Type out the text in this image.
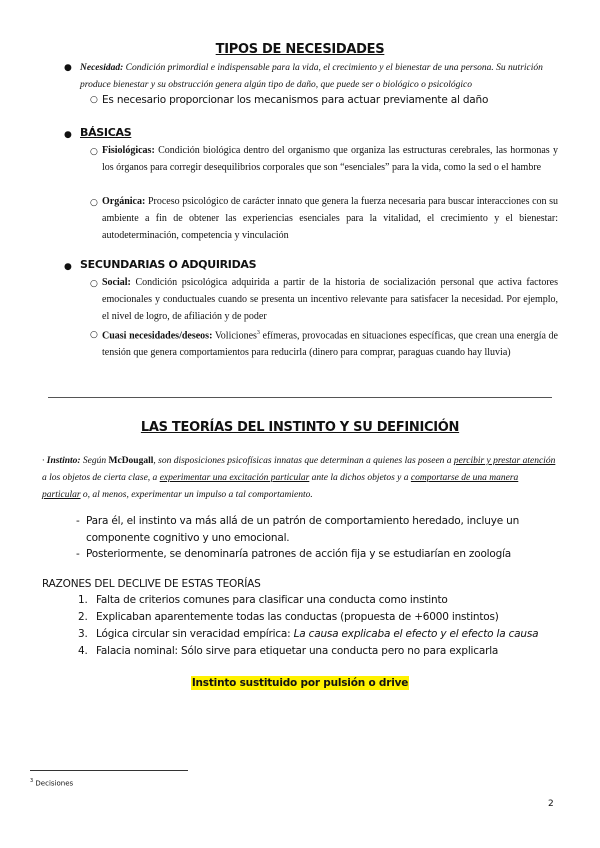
TIPOS DE NECESIDADES
● Necesidad: Condición primordial e indispensable para la vida, el crecimiento y el bienestar de una persona. Su nutrición produce bienestar y su obstrucción genera algún tipo de daño, que puede ser o biológico o psicológico
○ Es necesario proporcionar los mecanismos para actuar previamente al daño
● BÁSICAS
○ Fisiológicas: Condición biológica dentro del organismo que organiza las estructuras cerebrales, las hormonas y los órganos para corregir desequilibrios corporales que son “esenciales” para la vida, como la sed o el hambre
○ Orgánica: Proceso psicológico de carácter innato que genera la fuerza necesaria para buscar interacciones con su ambiente a fin de obtener las experiencias esenciales para la vitalidad, el crecimiento y el bienestar: autodeterminación, competencia y vinculación
● SECUNDARIAS O ADQUIRIDAS
○ Social: Condición psicológica adquirida a partir de la historia de socialización personal que activa factores emocionales y conductuales cuando se presenta un incentivo relevante para satisfacer la necesidad. Por ejemplo, el nivel de logro, de afiliación y de poder
○ Cuasi necesidades/deseos: Voliciones$^3$ efímeras, provocadas en situaciones específicas, que crean una energía de tensión que genera comportamientos para reducirla (dinero para comprar, paraguas cuando hay lluvia)
LAS TEORÍAS DEL INSTINTO Y SU DEFINICIÓN
· Instinto: Según McDougall, son disposiciones psicofísicas innatas que determinan a quienes las poseen a percibir y prestar atención a los objetos de cierta clase, a experimentar una excitación particular ante la dichos objetos y a comportarse de una manera particular o, al menos, experimentar un impulso a tal comportamiento.
- Para él, el instinto va más allá de un patrón de comportamiento heredado, incluye un componente cognitivo y uno emocional.
- Posteriormente, se denominaría patrones de acción fija y se estudiarían en zoología
RAZONES DEL DECLIVE DE ESTAS TEORÍAS
1. Falta de criterios comunes para clasificar una conducta como instinto
2. Explicaban aparentemente todas las conductas (propuesta de +6000 instintos)
3. Lógica circular sin veracidad empírica: La causa explicaba el efecto y el efecto la causa
4. Falacia nominal: Sólo sirve para etiquetar una conducta pero no para explicarla
Instinto sustituido por pulsión o drive
$^3$ Decisiones
2
